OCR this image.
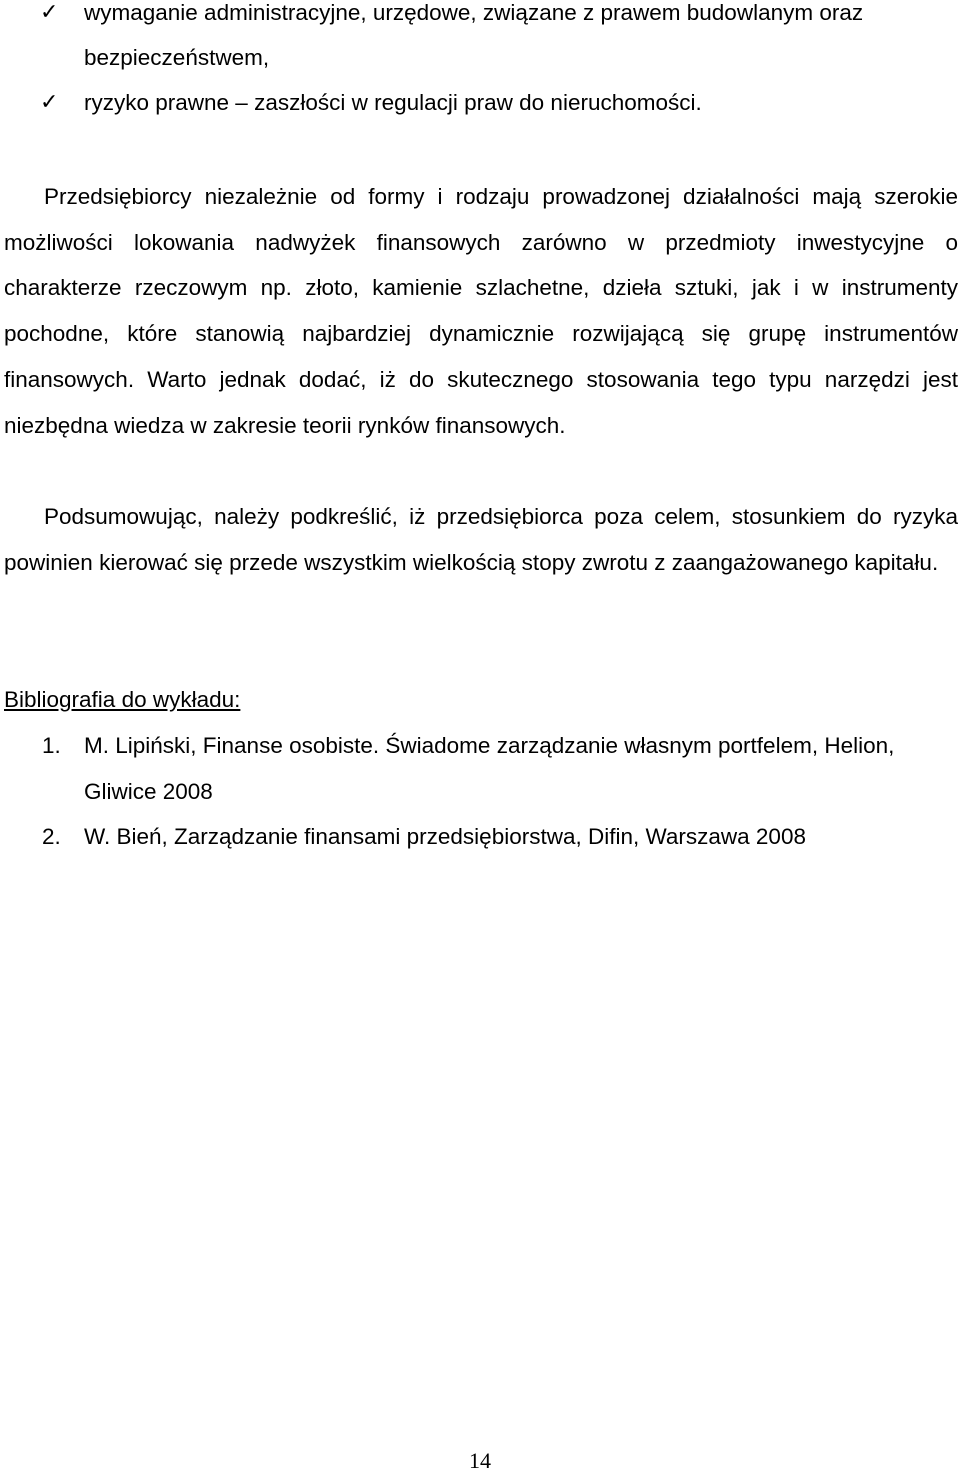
✓ wymaganie administracyjne, urzędowe, związane z prawem budowlanym oraz bezpieczeństwem,
✓ ryzyko prawne – zaszłości w regulacji praw do nieruchomości.

Przedsiębiorcy niezależnie od formy i rodzaju prowadzonej działalności mają szerokie możliwości lokowania nadwyżek finansowych zarówno w przedmioty inwestycyjne o charakterze rzeczowym np. złoto, kamienie szlachetne, dzieła sztuki, jak i w instrumenty pochodne, które stanowią najbardziej dynamicznie rozwijającą się grupę instrumentów finansowych. Warto jednak dodać, iż do skutecznego stosowania tego typu narzędzi jest niezbędna wiedza w zakresie teorii rynków finansowych.

Podsumowując, należy podkreślić, iż przedsiębiorca poza celem, stosunkiem do ryzyka powinien kierować się przede wszystkim wielkością stopy zwrotu z zaangażowanego kapitału.

Bibliografia do wykładu:
1. M. Lipiński, Finanse osobiste. Świadome zarządzanie własnym portfelem, Helion, Gliwice 2008
2. W. Bień, Zarządzanie finansami przedsiębiorstwa, Difin, Warszawa 2008
14
